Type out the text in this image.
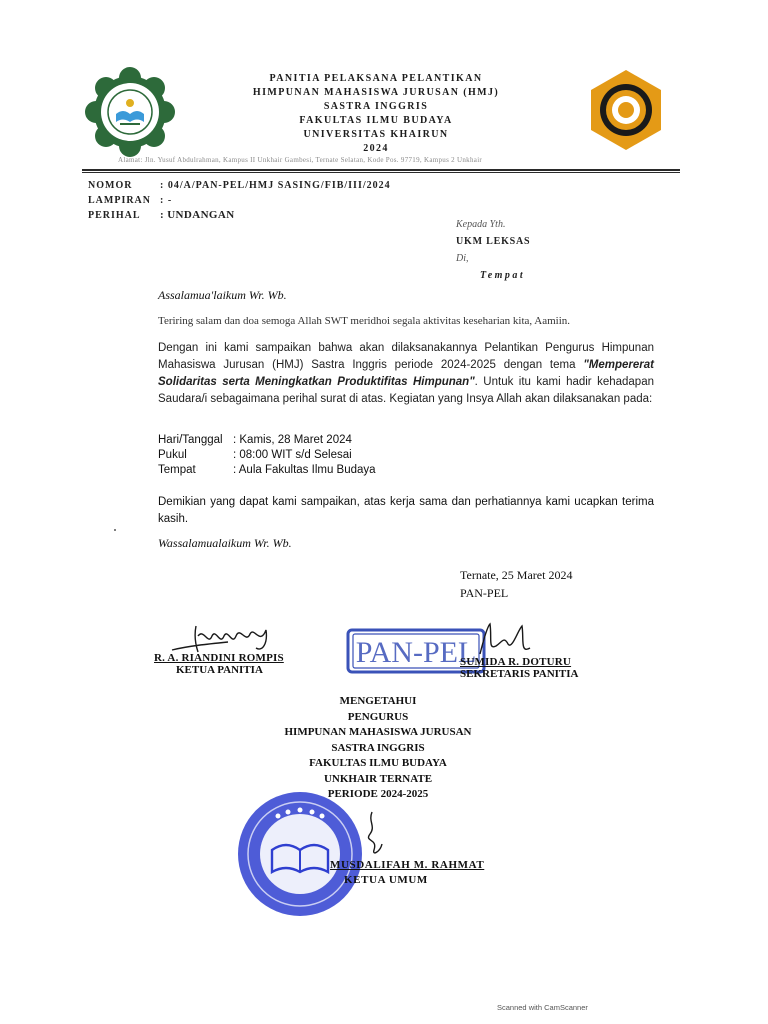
PANITIA PELAKSANA PELANTIKAN
HIMPUNAN MAHASISWA JURUSAN (HMJ)
SASTRA INGGRIS
FAKULTAS ILMU BUDAYA
UNIVERSITAS KHAIRUN
2024
Alamat: Jln. Yusuf Abdulrahman, Kampus II Unkhair Gambesi, Ternate Selatan, Kode Pos. 97719, Kampus 2 Unkhair
NOMOR	: 04/A/PAN-PEL/HMJ SASING/FIB/III/2024
LAMPIRAN : -
PERIHAL	: UNDANGAN
Kepada Yth.
UKM LEKSAS
Di,
Tempat
Assalamua'laikum Wr. Wb.
Teriring salam dan doa semoga Allah SWT meridhoi segala aktivitas keseharian kita, Aamiin.
Dengan ini kami sampaikan bahwa akan dilaksanakannya Pelantikan Pengurus Himpunan Mahasiswa Jurusan (HMJ) Sastra Inggris periode 2024-2025 dengan tema "Mempererat Solidaritas serta Meningkatkan Produktifitas Himpunan". Untuk itu kami hadir kehadapan Saudara/i sebagaimana perihal surat di atas. Kegiatan yang Insya Allah akan dilaksanakan pada:
Hari/Tanggal : Kamis, 28 Maret 2024
Pukul	: 08:00 WIT s/d Selesai
Tempat	: Aula Fakultas Ilmu Budaya
Demikian yang dapat kami sampaikan, atas kerja sama dan perhatiannya kami ucapkan terima kasih.
Wassalamualaikum Wr. Wb.
Ternate, 25 Maret 2024
PAN-PEL
PAN-PEL
R. A. RIANDINI ROMPIS
KETUA PANITIA
SUMIDA R. DOTURU
SEKRETARIS PANITIA
MENGETAHUI
PENGURUS
HIMPUNAN MAHASISWA JURUSAN
SASTRA INGGRIS
FAKULTAS ILMU BUDAYA
UNKHAIR TERNATE
PERIODE 2024-2025
MUSDALIFAH M. RAHMAT
KETUA UMUM
Scanned with CamScanner
